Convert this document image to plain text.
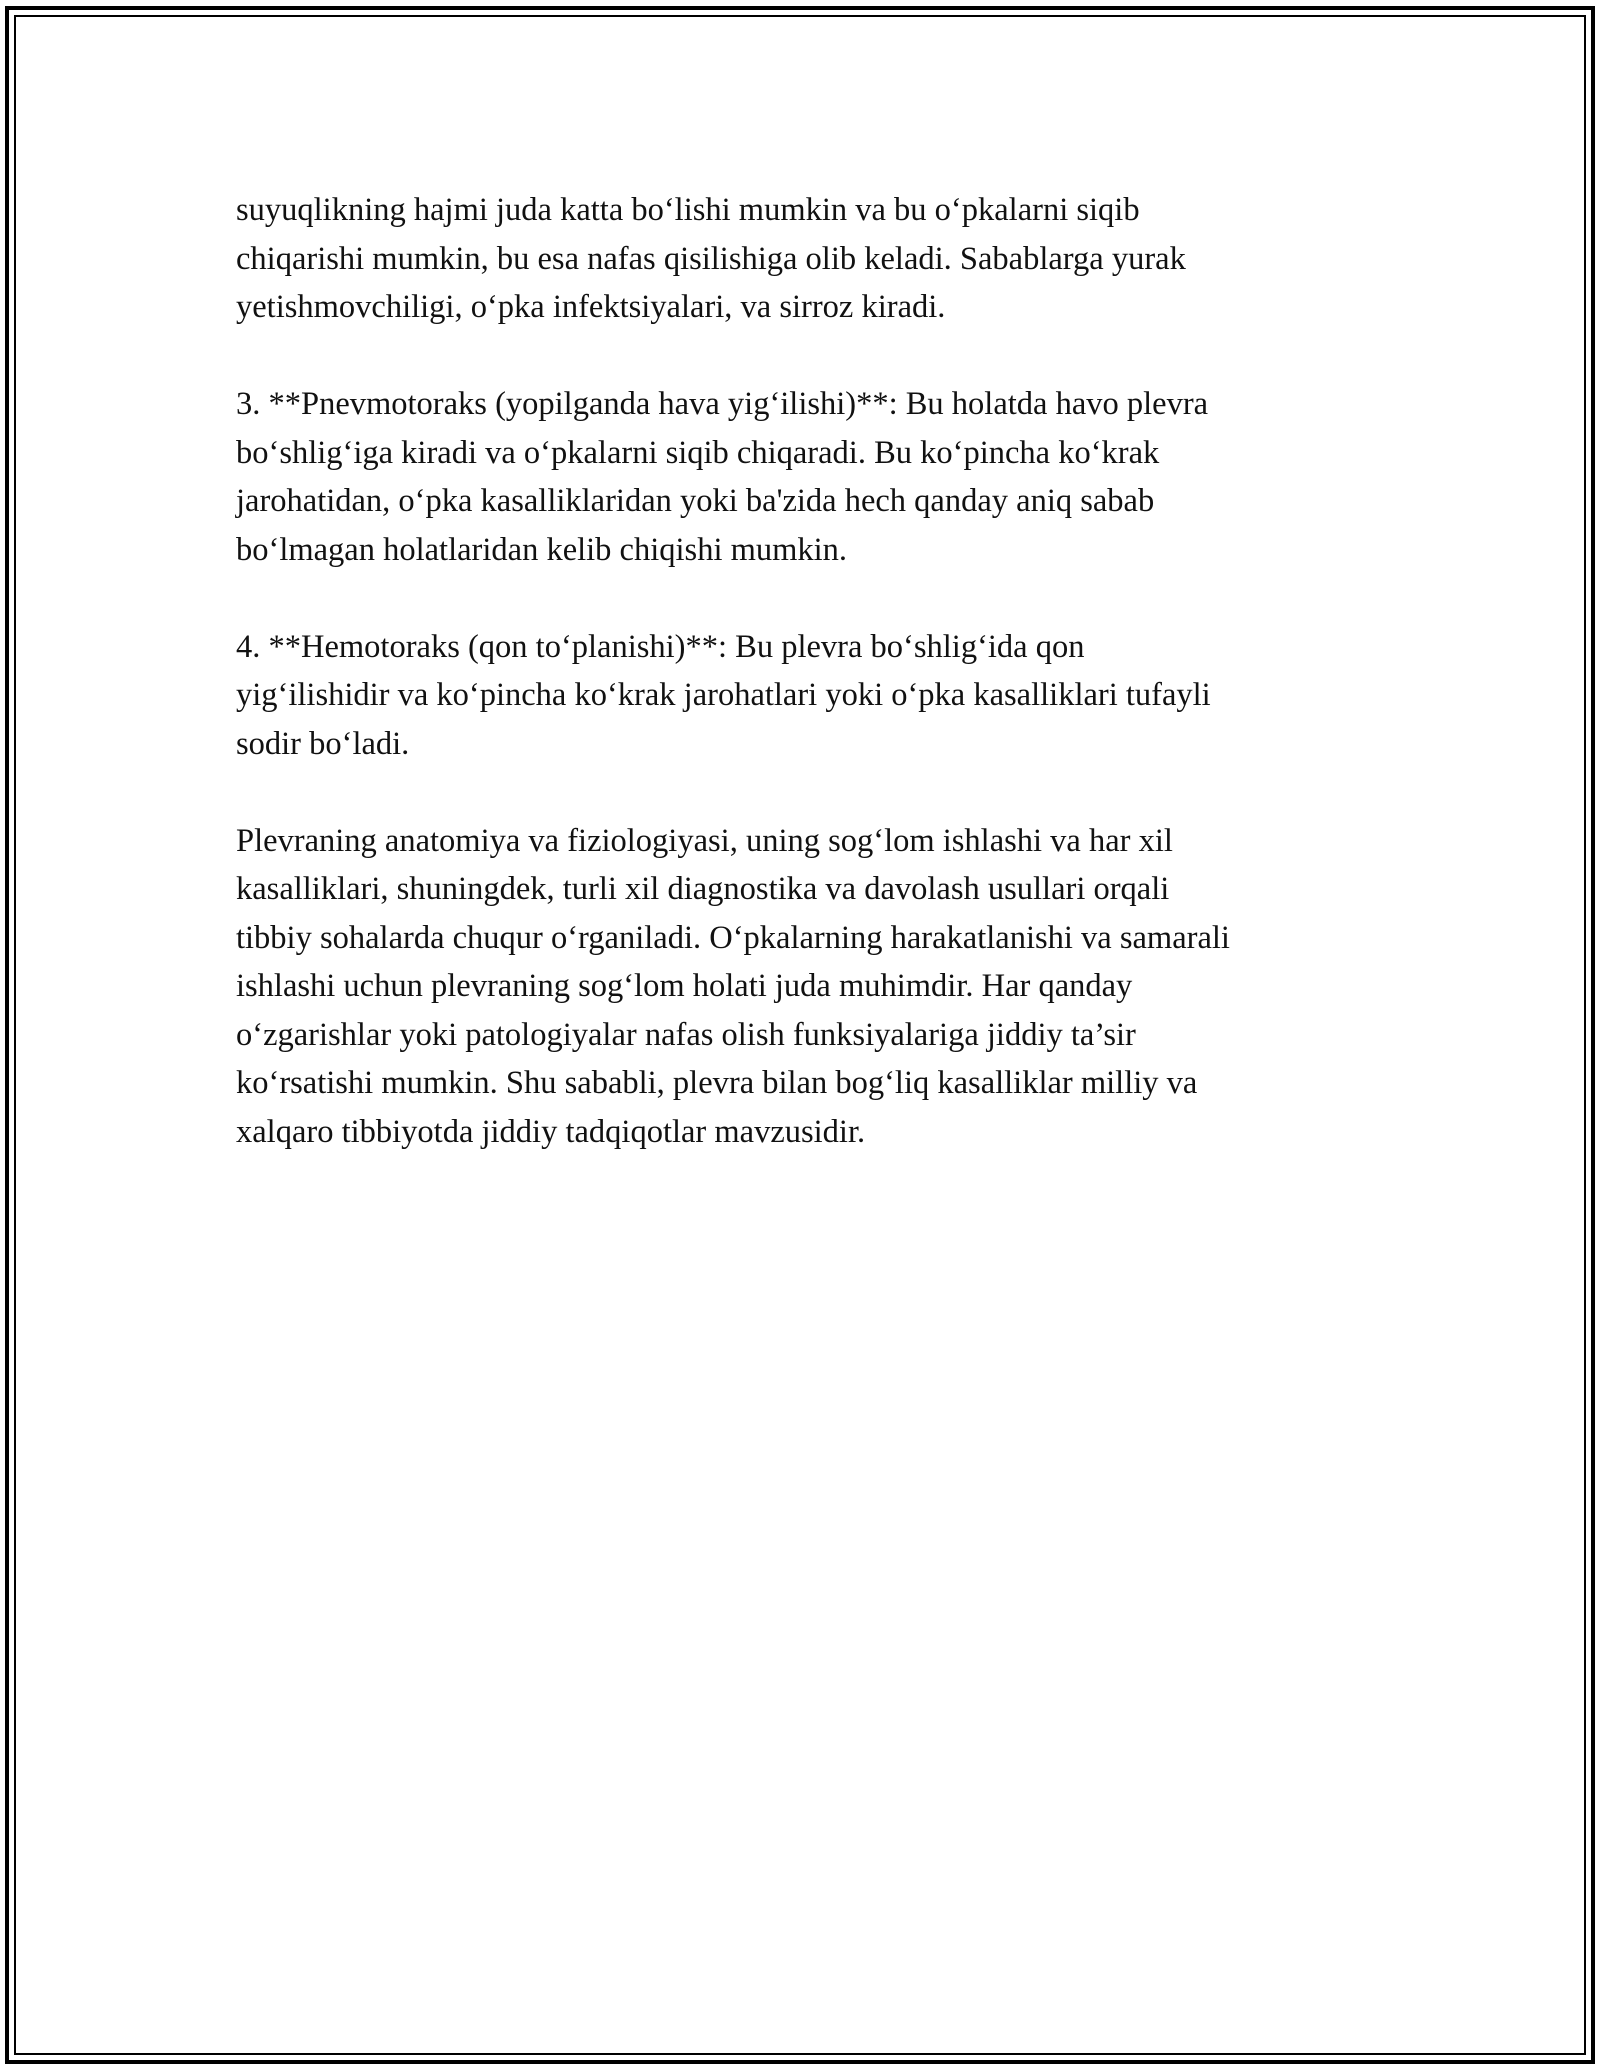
suyuqlikning hajmi juda katta bo‘lishi mumkin va bu o‘pkalarni siqib
chiqarishi mumkin, bu esa nafas qisilishiga olib keladi. Sabablarga yurak
yetishmovchiligi, o‘pka infektsiyalari, va sirroz kiradi.

3. **Pnevmotoraks (yopilganda hava yig‘ilishi)**: Bu holatda havo plevra
bo‘shlig‘iga kiradi va o‘pkalarni siqib chiqaradi. Bu ko‘pincha ko‘krak
jarohatidan, o‘pka kasalliklaridan yoki ba'zida hech qanday aniq sabab
bo‘lmagan holatlaridan kelib chiqishi mumkin.

4. **Hemotoraks (qon to‘planishi)**: Bu plevra bo‘shlig‘ida qon
yig‘ilishidir va ko‘pincha ko‘krak jarohatlari yoki o‘pka kasalliklari tufayli
sodir bo‘ladi.

Plevraning anatomiya va fiziologiyasi, uning sog‘lom ishlashi va har xil
kasalliklari, shuningdek, turli xil diagnostika va davolash usullari orqali
tibbiy sohalarda chuqur o‘rganiladi. O‘pkalarning harakatlanishi va samarali
ishlashi uchun plevraning sog‘lom holati juda muhimdir. Har qanday
o‘zgarishlar yoki patologiyalar nafas olish funksiyalariga jiddiy ta’sir
ko‘rsatishi mumkin. Shu sababli, plevra bilan bog‘liq kasalliklar milliy va
xalqaro tibbiyotda jiddiy tadqiqotlar mavzusidir.
